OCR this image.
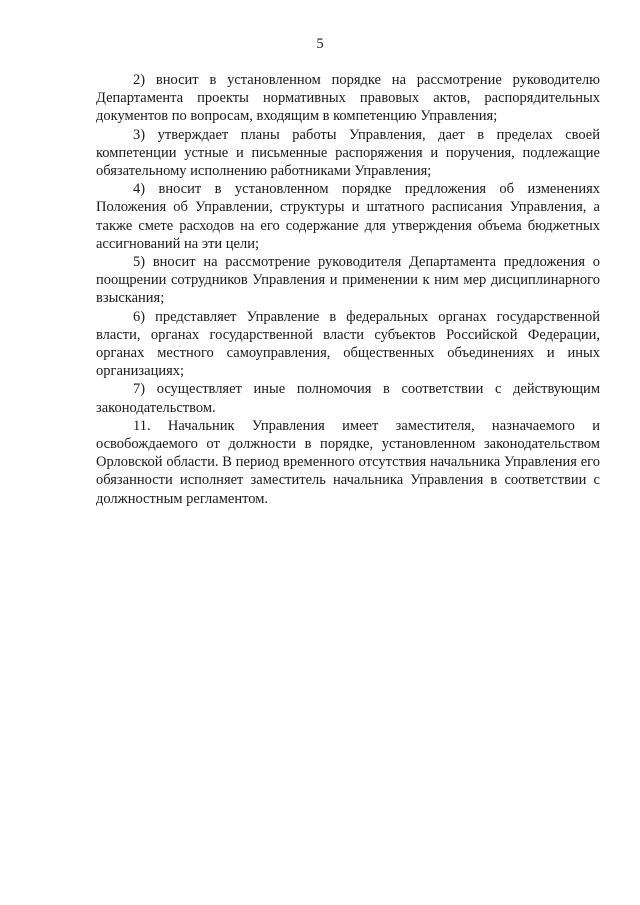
5

2) вносит в установленном порядке на рассмотрение руководителю Департамента проекты нормативных правовых актов, распорядительных документов по вопросам, входящим в компетенцию Управления;

3) утверждает планы работы Управления, дает в пределах своей компетенции устные и письменные распоряжения и поручения, подлежащие обязательному исполнению работниками Управления;

4) вносит в установленном порядке предложения об изменениях Положения об Управлении, структуры и штатного расписания Управления, а также смете расходов на его содержание для утверждения объема бюджетных ассигнований на эти цели;

5) вносит на рассмотрение руководителя Департамента предложения о поощрении сотрудников Управления и применении к ним мер дисциплинарного взыскания;

6) представляет Управление в федеральных органах государственной власти, органах государственной власти субъектов Российской Федерации, органах местного самоуправления, общественных объединениях и иных организациях;

7) осуществляет иные полномочия в соответствии с действующим законодательством.

11. Начальник Управления имеет заместителя, назначаемого и освобождаемого от должности в порядке, установленном законодательством Орловской области. В период временного отсутствия начальника Управления его обязанности исполняет заместитель начальника Управления в соответствии с должностным регламентом.
